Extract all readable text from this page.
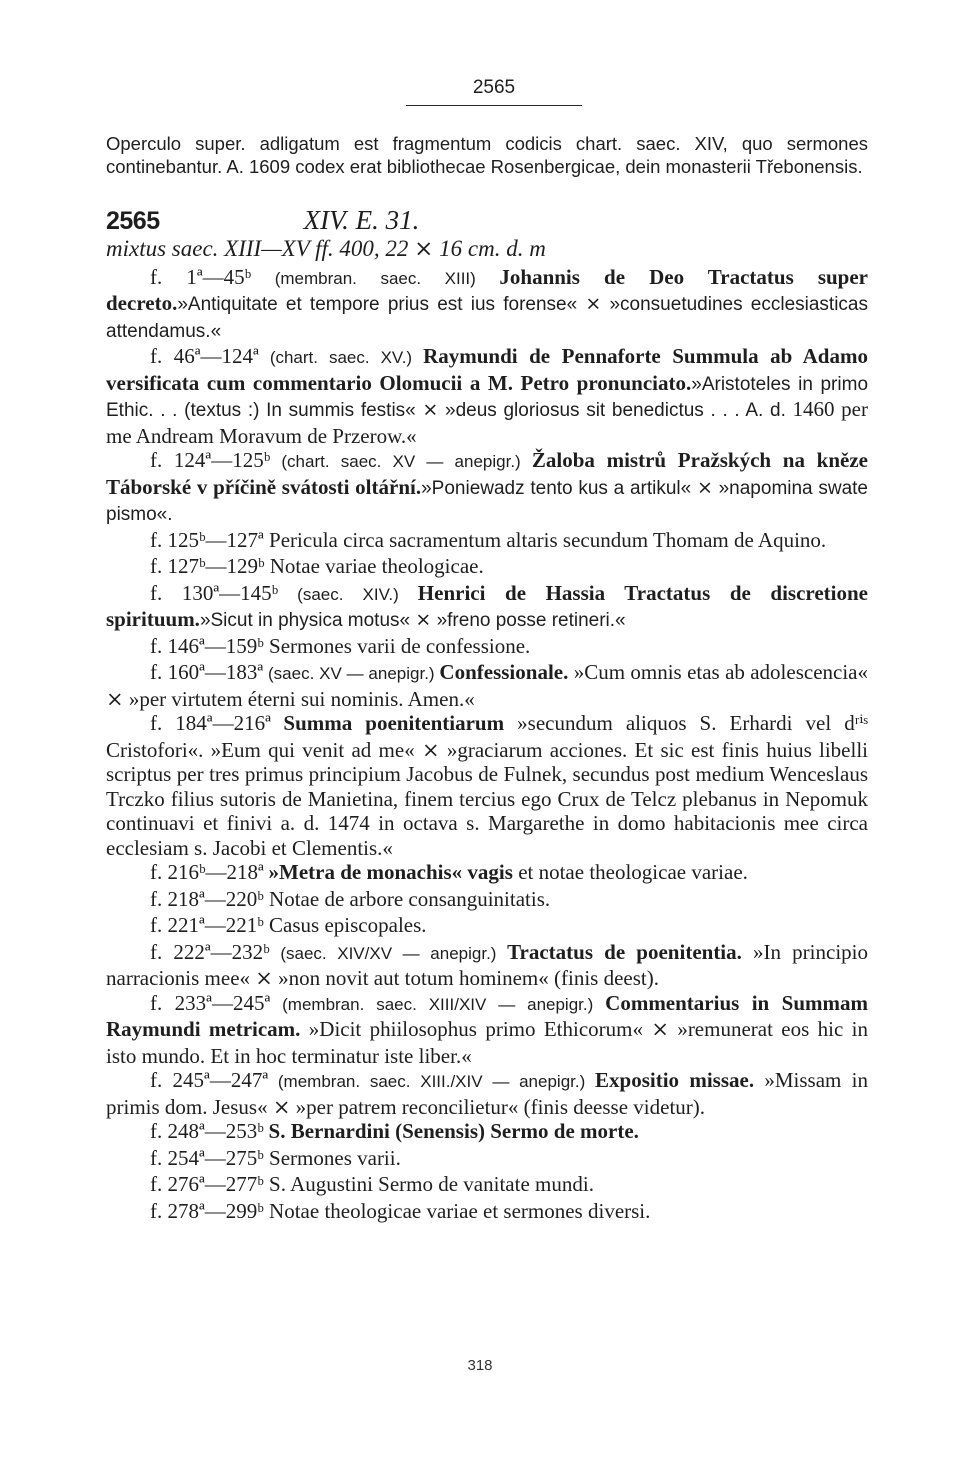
2565
Operculo super. adligatum est fragmentum codicis chart. saec. XIV, quo sermones continebantur. A. 1609 codex erat bibliothecae Rosenbergicae, dein monasterii Třebonensis.
2565	XIV. E. 31.
mixtus saec. XIII—XV ff. 400, 22 ⨯ 16 cm. d. m

f. 1ª—45ᵇ (membran. saec. XIII) Johannis de Deo Tractatus super decreto.»Antiquitate et tempore prius est ius forense« ⨯ »consuetudines ecclesiasticas attendamus.«

f. 46ª—124ª (chart. saec. XV.) Raymundi de Pennaforte Summula ab Adamo versificata cum commentario Olomucii a M. Petro pronunciato.»Aristoteles in primo Ethic. . . (textus :) In summis festis« ⨯ »deus gloriosus sit benedictus . . . A. d. 1460 per me Andream Moravum de Przerow.«

f. 124ª—125ᵇ (chart. saec. XV — anepigr.) Žaloba mistrů Pražských na kněze Táborské v příčině svátosti oltářní.»Poniewadz tento kus a artikul« ⨯ »napomina swate pismo«.

f. 125ᵇ—127ª Pericula circa sacramentum altaris secundum Thomam de Aquino.

f. 127ᵇ—129ᵇ Notae variae theologicae.

f. 130ª—145ᵇ (saec. XIV.) Henrici de Hassia Tractatus de discretione spirituum.»Sicut in physica motus« ⨯ »freno posse retineri.«

f. 146ª—159ᵇ Sermones varii de confessione.

f. 160ª—183ª (saec. XV — anepigr.) Confessionale. »Cum omnis etas ab adolescencia« ⨯ »per virtutem éterni sui nominis. Amen.«

f. 184ª—216ª Summa poenitentiarum »secundum aliquos S. Erhardi vel dʳⁱˢ Cristofori«. »Eum qui venit ad me« ⨯ »graciarum acciones. Et sic est finis huius libelli scriptus per tres primus principium Jacobus de Fulnek, secundus post medium Wenceslaus Trczko filius sutoris de Manietina, finem tercius ego Crux de Telcz plebanus in Nepomuk continuavi et finivi a. d. 1474 in octava s. Margarethe in domo habitacionis mee circa ecclesiam s. Jacobi et Clementis.«

f. 216ᵇ—218ª »Metra de monachis« vagis et notae theologicae variae.

f. 218ª—220ᵇ Notae de arbore consanguinitatis.

f. 221ª—221ᵇ Casus episcopales.

f. 222ª—232ᵇ (saec. XIV/XV — anepigr.) Tractatus de poenitentia. »In principio narracionis mee« ⨯ »non novit aut totum hominem« (finis deest).

f. 233ª—245ª (membran. saec. XIII/XIV — anepigr.) Commentarius in Summam Raymundi metricam. »Dicit phiilosophus primo Ethicorum« ⨯ »remunerat eos hic in isto mundo. Et in hoc terminatur iste liber.«

f. 245ª—247ª (membran. saec. XIII./XIV — anepigr.) Expositio missae. »Missam in primis dom. Jesus« ⨯ »per patrem reconcilietur« (finis deesse videtur).

f. 248ª—253ᵇ S. Bernardini (Senensis) Sermo de morte.

f. 254ª—275ᵇ Sermones varii.

f. 276ª—277ᵇ S. Augustini Sermo de vanitate mundi.

f. 278ª—299ᵇ Notae theologicae variae et sermones diversi.

318
